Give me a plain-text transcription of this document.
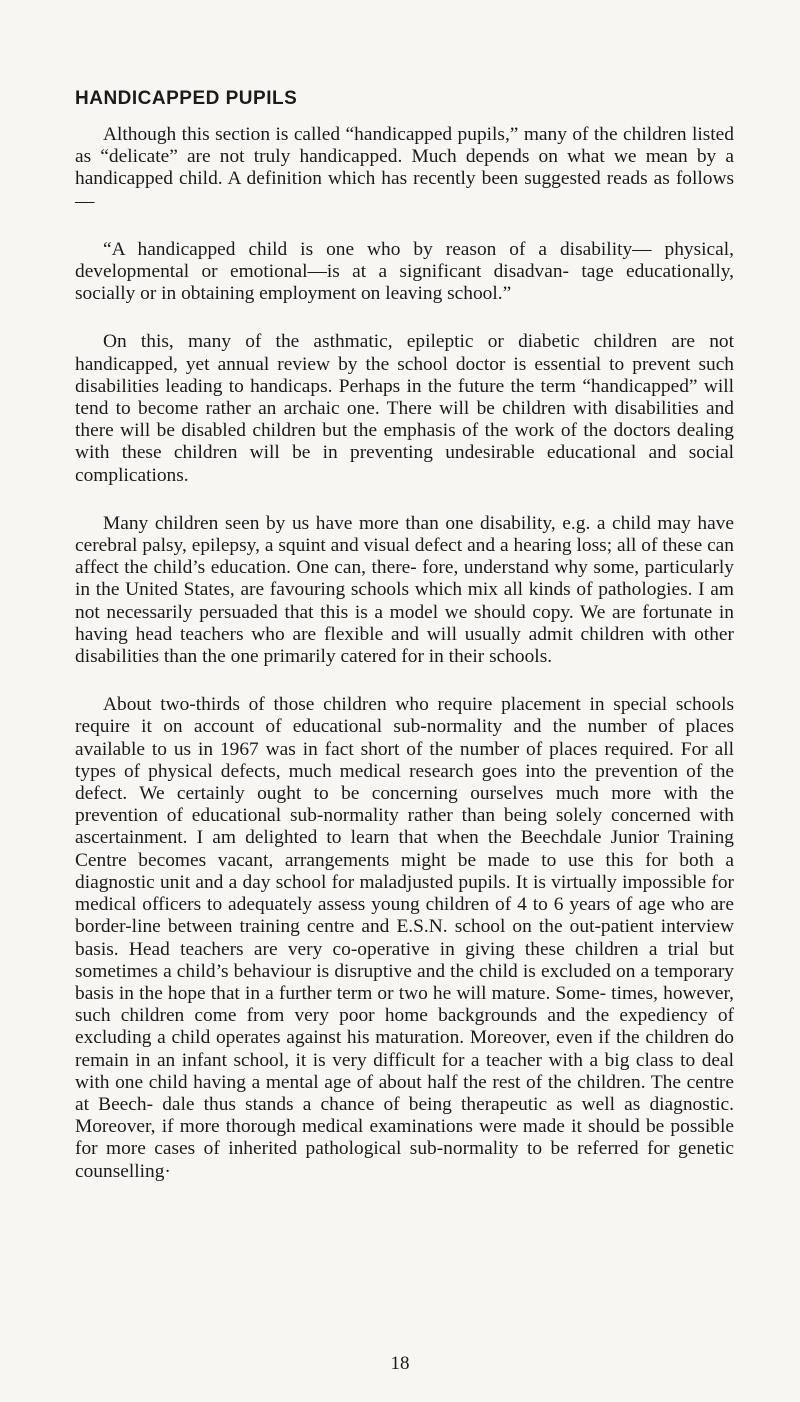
HANDICAPPED PUPILS

Although this section is called “handicapped pupils,” many of the children listed as “delicate” are not truly handicapped. Much depends on what we mean by a handicapped child. A definition which has recently been suggested reads as follows—

“A handicapped child is one who by reason of a disability— physical, developmental or emotional—is at a significant disadvan- tage educationally, socially or in obtaining employment on leaving school.”

On this, many of the asthmatic, epileptic or diabetic children are not handicapped, yet annual review by the school doctor is essential to prevent such disabilities leading to handicaps. Perhaps in the future the term “handicapped” will tend to become rather an archaic one. There will be children with disabilities and there will be disabled children but the emphasis of the work of the doctors dealing with these children will be in preventing undesirable educational and social complications.

Many children seen by us have more than one disability, e.g. a child may have cerebral palsy, epilepsy, a squint and visual defect and a hearing loss; all of these can affect the child’s education. One can, there- fore, understand why some, particularly in the United States, are favouring schools which mix all kinds of pathologies. I am not necessarily persuaded that this is a model we should copy. We are fortunate in having head teachers who are flexible and will usually admit children with other disabilities than the one primarily catered for in their schools.

About two-thirds of those children who require placement in special schools require it on account of educational sub-normality and the number of places available to us in 1967 was in fact short of the number of places required. For all types of physical defects, much medical research goes into the prevention of the defect. We certainly ought to be concerning ourselves much more with the prevention of educational sub-normality rather than being solely concerned with ascertainment. I am delighted to learn that when the Beechdale Junior Training Centre becomes vacant, arrangements might be made to use this for both a diagnostic unit and a day school for maladjusted pupils. It is virtually impossible for medical officers to adequately assess young children of 4 to 6 years of age who are border-line between training centre and E.S.N. school on the out-patient interview basis. Head teachers are very co-operative in giving these children a trial but sometimes a child’s behaviour is disruptive and the child is excluded on a temporary basis in the hope that in a further term or two he will mature. Some- times, however, such children come from very poor home backgrounds and the expediency of excluding a child operates against his maturation. Moreover, even if the children do remain in an infant school, it is very difficult for a teacher with a big class to deal with one child having a mental age of about half the rest of the children. The centre at Beech- dale thus stands a chance of being therapeutic as well as diagnostic. Moreover, if more thorough medical examinations were made it should be possible for more cases of inherited pathological sub-normality to be referred for genetic counselling·

18
